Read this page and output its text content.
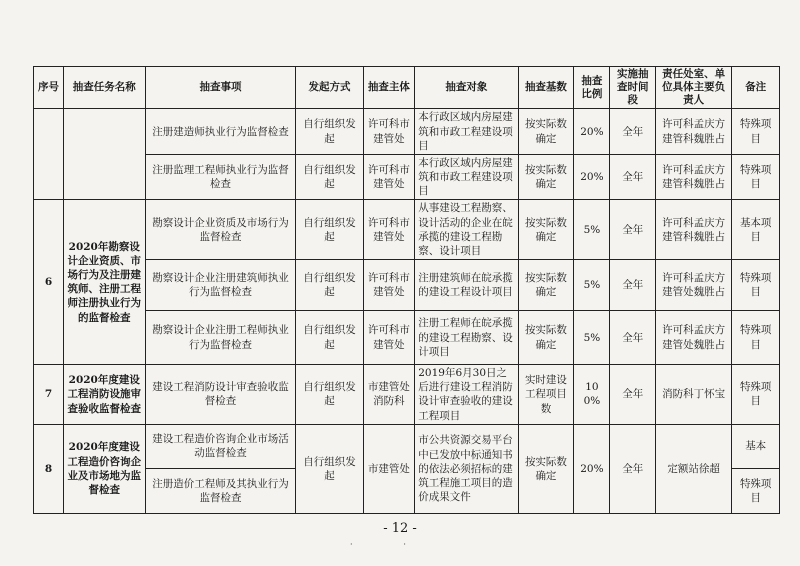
序号	抽查任务名称	抽查事项	发起方式	抽查主体	抽查对象	抽查基数	抽查比例	实施抽查时间段	责任处室、单位具体主要负责人	备注
		注册建造师执业行为监督检查	自行组织发起	许可科市建管处	本行政区域内房屋建筑和市政工程建设项目	按实际数确定	20%	全年	许可科孟庆方建管科魏胜占	特殊项目
		注册监理工程师执业行为监督检查	自行组织发起	许可科市建管处	本行政区域内房屋建筑和市政工程建设项目	按实际数确定	20%	全年	许可科孟庆方建管科魏胜占	特殊项目
6	2020年勘察设计企业资质、市场行为及注册建筑师、注册工程师注册执业行为的监督检查	勘察设计企业资质及市场行为监督检查	自行组织发起	许可科市建管处	从事建设工程勘察、设计活动的企业在皖承揽的建设工程勘察、设计项目	按实际数确定	5%	全年	许可科孟庆方建管科魏胜占	基本项目
		勘察设计企业注册建筑师执业行为监督检查	自行组织发起	许可科市建管处	注册建筑师在皖承揽的建设工程设计项目	按实际数确定	5%	全年	许可科孟庆方建管处魏胜占	特殊项目
		勘察设计企业注册工程师执业行为监督检查	自行组织发起	许可科市建管处	注册工程师在皖承揽的建设工程勘察、设计项目	按实际数确定	5%	全年	许可科孟庆方建管处魏胜占	特殊项目
7	2020年度建设工程消防设施审查验收监督检查	建设工程消防设计审查验收监督检查	自行组织发起	市建管处消防科	2019年6月30日之后进行建设工程消防设计审查验收的建设工程项目	实时建设工程项目数	100%	全年	消防科丁怀宝	特殊项目
8	2020年度建设工程造价咨询企业及市场地为监督检查	建设工程造价咨询企业市场活动监督检查	自行组织发起	市建管处	市公共资源交易平台中已发放中标通知书的依法必须招标的建筑工程施工项目的造价成果文件	按实际数确定	20%	全年	定额站徐超	基本
		注册造价工程师及其执业行为监督检查								特殊项目
- 12 -
·                    ·
